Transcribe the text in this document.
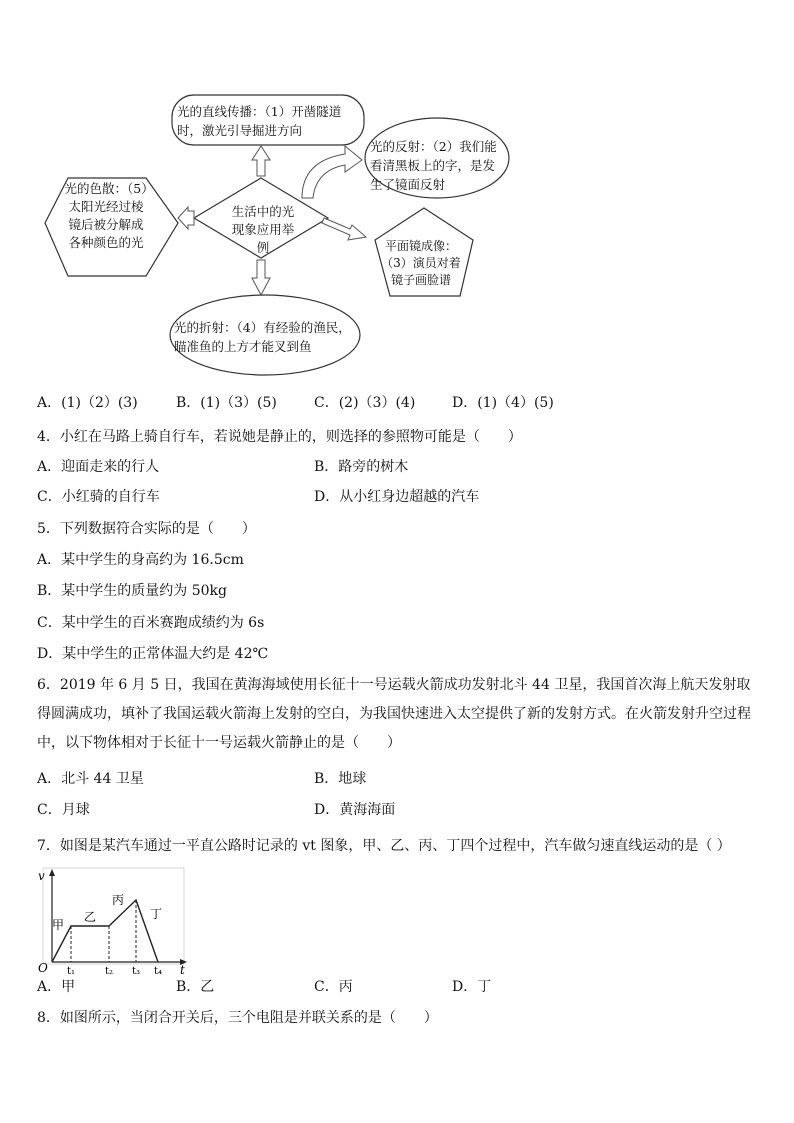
光的直线传播：（1）开凿隧道时，激光引导掘进方向
光的反射：（2）我们能看清黑板上的字，是发生了镜面反射
光的色散：（5）太阳光经过棱镜后被分解成各种颜色的光
生活中的光现象应用举例	平面镜成像：（3）演员对着镜子画脸谱
光的折射：（4）有经验的渔民，瞄准鱼的上方才能叉到鱼
A．(1)（2）(3)	B．(1)（3）(5)	C．(2)（3）(4)	D．(1)（4）(5)
4．小红在马路上骑自行车，若说她是静止的，则选择的参照物可能是（　　）
A．迎面走来的行人	B．路旁的树木
C．小红骑的自行车	D．从小红身边超越的汽车
5．下列数据符合实际的是（　　）
A．某中学生的身高约为 16.5cm
B．某中学生的质量约为 50kg
C．某中学生的百米赛跑成绩约为 6s
D．某中学生的正常体温大约是 42℃
6．2019 年 6 月 5 日，我国在黄海海域使用长征十一号运载火箭成功发射北斗 44 卫星，我国首次海上航天发射取得圆满成功，填补了我国运载火箭海上发射的空白，为我国快速进入太空提供了新的发射方式。在火箭发射升空过程中，以下物体相对于长征十一号运载火箭静止的是（　　）
A．北斗 44 卫星	B．地球
C．月球	D．黄海海面
7．如图是某汽车通过一平直公路时记录的 vt 图象，甲、乙、丙、丁四个过程中，汽车做匀速直线运动的是（ ）
v
t
O t₁	t₂ t₃ t₄
甲
乙
丙
丁
A．甲	B．乙	C．丙	D．丁
8．如图所示，当闭合开关后，三个电阻是并联关系的是（　　）
